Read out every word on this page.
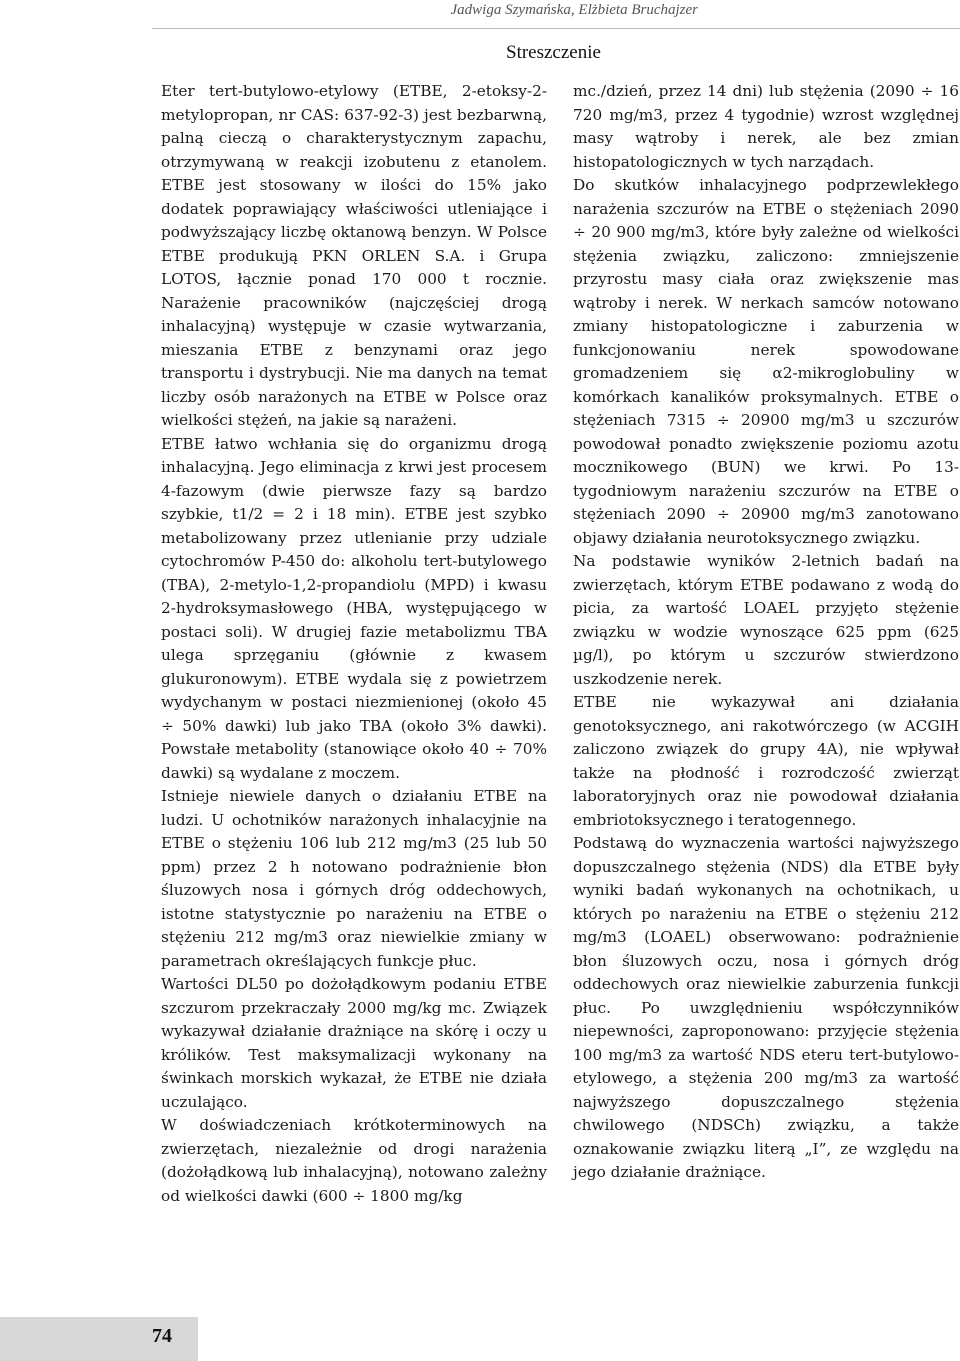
Jadwiga Szymańska, Elżbieta Bruchajzer
Streszczenie

Eter tert-butylowo-etylowy (ETBE, 2-etoksy-2-metylopropan, nr CAS: 637-92-3) jest bezbarwną, palną cieczą o charakterystycznym zapachu, otrzymywaną w reakcji izobutenu z etanolem. ETBE jest stosowany w ilości do 15% jako dodatek poprawiający właściwości utleniające i podwyższający liczbę oktanową benzyn. W Polsce ETBE produkują PKN ORLEN S.A. i Grupa LOTOS, łącznie ponad 170 000 t rocznie. Narażenie pracowników (najczęściej drogą inhalacyjną) występuje w czasie wytwarzania, mieszania ETBE z benzynami oraz jego transportu i dystrybucji. Nie ma danych na temat liczby osób narażonych na ETBE w Polsce oraz wielkości stężeń, na jakie są narażeni.

ETBE łatwo wchłania się do organizmu drogą inhalacyjną. Jego eliminacja z krwi jest procesem 4-fazowym (dwie pierwsze fazy są bardzo szybkie, t1/2 = 2 i 18 min). ETBE jest szybko metabolizowany przez utlenianie przy udziale cytochromów P-450 do: alkoholu tert-butylowego (TBA), 2-metylo-1,2-propandiolu (MPD) i kwasu 2-hydroksymasłowego (HBA, występującego w postaci soli). W drugiej fazie metabolizmu TBA ulega sprzęganiu (głównie z kwasem glukuronowym). ETBE wydala się z powietrzem wydychanym w postaci niezmienionej (około 45 ÷ 50% dawki) lub jako TBA (około 3% dawki). Powstałe metabolity (stanowiące około 40 ÷ 70% dawki) są wydalane z moczem.

Istnieje niewiele danych o działaniu ETBE na ludzi. U ochotników narażonych inhalacyjnie na ETBE o stężeniu 106 lub 212 mg/m3 (25 lub 50 ppm) przez 2 h notowano podrażnienie błon śluzowych nosa i górnych dróg oddechowych, istotne statystycznie po narażeniu na ETBE o stężeniu 212 mg/m3 oraz niewielkie zmiany w parametrach określających funkcje płuc.

Wartości DL50 po dożołądkowym podaniu ETBE szczurom przekraczały 2000 mg/kg mc. Związek wykazywał działanie drażniące na skórę i oczy u królików. Test maksymalizacji wykonany na świnkach morskich wykazał, że ETBE nie działa uczulająco.

W doświadczeniach krótkoterminowych na zwierzętach, niezależnie od drogi narażenia (dożołądkową lub inhalacyjną), notowano zależny od wielkości dawki (600 ÷ 1800 mg/kg

mc./dzień, przez 14 dni) lub stężenia (2090 ÷ 16 720 mg/m3, przez 4 tygodnie) wzrost względnej masy wątroby i nerek, ale bez zmian histopatologicznych w tych narządach.

Do skutków inhalacyjnego podprzewlekłego narażenia szczurów na ETBE o stężeniach 2090 ÷ 20 900 mg/m3, które były zależne od wielkości stężenia związku, zaliczono: zmniejszenie przyrostu masy ciała oraz zwiększenie mas wątroby i nerek. W nerkach samców notowano zmiany histopatologiczne i zaburzenia w funkcjonowaniu nerek spowodowane gromadzeniem się α2-mikroglobuliny w komórkach kanalików proksymalnych. ETBE o stężeniach 7315 ÷ 20900 mg/m3 u szczurów powodował ponadto zwiększenie poziomu azotu mocznikowego (BUN) we krwi. Po 13-tygodniowym narażeniu szczurów na ETBE o stężeniach 2090 ÷ 20900 mg/m3 zanotowano objawy działania neurotoksycznego związku.

Na podstawie wyników 2-letnich badań na zwierzętach, którym ETBE podawano z wodą do picia, za wartość LOAEL przyjęto stężenie związku w wodzie wynoszące 625 ppm (625 µg/l), po którym u szczurów stwierdzono uszkodzenie nerek.

ETBE nie wykazywał ani działania genotoksycznego, ani rakotwórczego (w ACGIH zaliczono związek do grupy 4A), nie wpływał także na płodność i rozrodczość zwierząt laboratoryjnych oraz nie powodował działania embriotoksycznego i teratogennego.

Podstawą do wyznaczenia wartości najwyższego dopuszczalnego stężenia (NDS) dla ETBE były wyniki badań wykonanych na ochotnikach, u których po narażeniu na ETBE o stężeniu 212 mg/m3 (LOAEL) obserwowano: podrażnienie błon śluzowych oczu, nosa i górnych dróg oddechowych oraz niewielkie zaburzenia funkcji płuc. Po uwzględnieniu współczynników niepewności, zaproponowano: przyjęcie stężenia 100 mg/m3 za wartość NDS eteru tert-butylowo-etylowego, a stężenia 200 mg/m3 za wartość najwyższego dopuszczalnego stężenia chwilowego (NDSCh) związku, a także oznakowanie związku literą „I”, ze względu na jego działanie drażniące.

74
